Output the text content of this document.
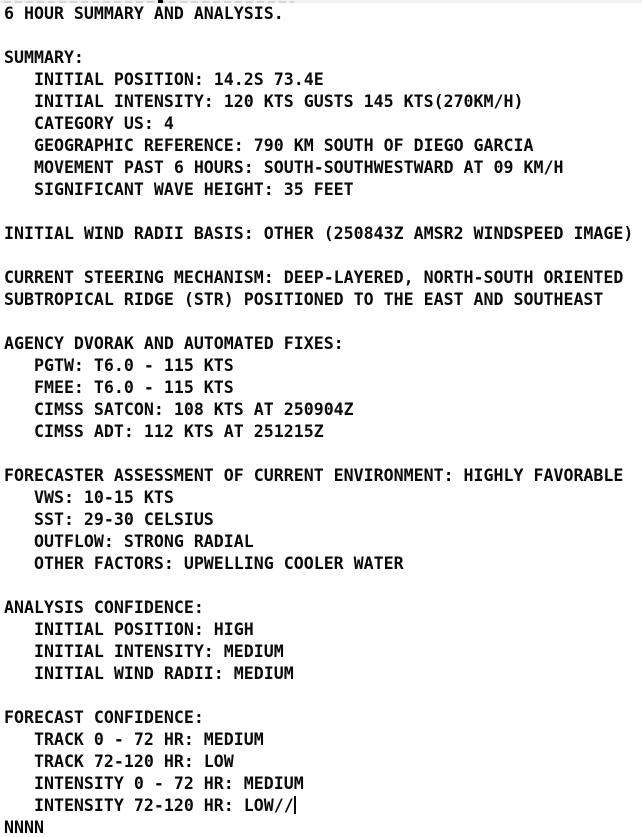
6 HOUR SUMMARY AND ANALYSIS.
SUMMARY:
INITIAL POSITION: 14.2S 73.4E
INITIAL INTENSITY: 120 KTS GUSTS 145 KTS(270KM/H)
CATEGORY US: 4
GEOGRAPHIC REFERENCE: 790 KM SOUTH OF DIEGO GARCIA
MOVEMENT PAST 6 HOURS: SOUTH-SOUTHWESTWARD AT 09 KM/H
SIGNIFICANT WAVE HEIGHT: 35 FEET
INITIAL WIND RADII BASIS: OTHER (250843Z AMSR2 WINDSPEED IMAGE)
CURRENT STEERING MECHANISM: DEEP-LAYERED, NORTH-SOUTH ORIENTED
SUBTROPICAL RIDGE (STR) POSITIONED TO THE EAST AND SOUTHEAST
AGENCY DVORAK AND AUTOMATED FIXES:
PGTW: T6.0 - 115 KTS
FMEE: T6.0 - 115 KTS
CIMSS SATCON: 108 KTS AT 250904Z
CIMSS ADT: 112 KTS AT 251215Z
FORECASTER ASSESSMENT OF CURRENT ENVIRONMENT: HIGHLY FAVORABLE
VWS: 10-15 KTS
SST: 29-30 CELSIUS
OUTFLOW: STRONG RADIAL
OTHER FACTORS: UPWELLING COOLER WATER
ANALYSIS CONFIDENCE:
INITIAL POSITION: HIGH
INITIAL INTENSITY: MEDIUM
INITIAL WIND RADII: MEDIUM
FORECAST CONFIDENCE:
TRACK 0 - 72 HR: MEDIUM
TRACK 72-120 HR: LOW
INTENSITY 0 - 72 HR: MEDIUM
INTENSITY 72-120 HR: LOW//
NNNN
